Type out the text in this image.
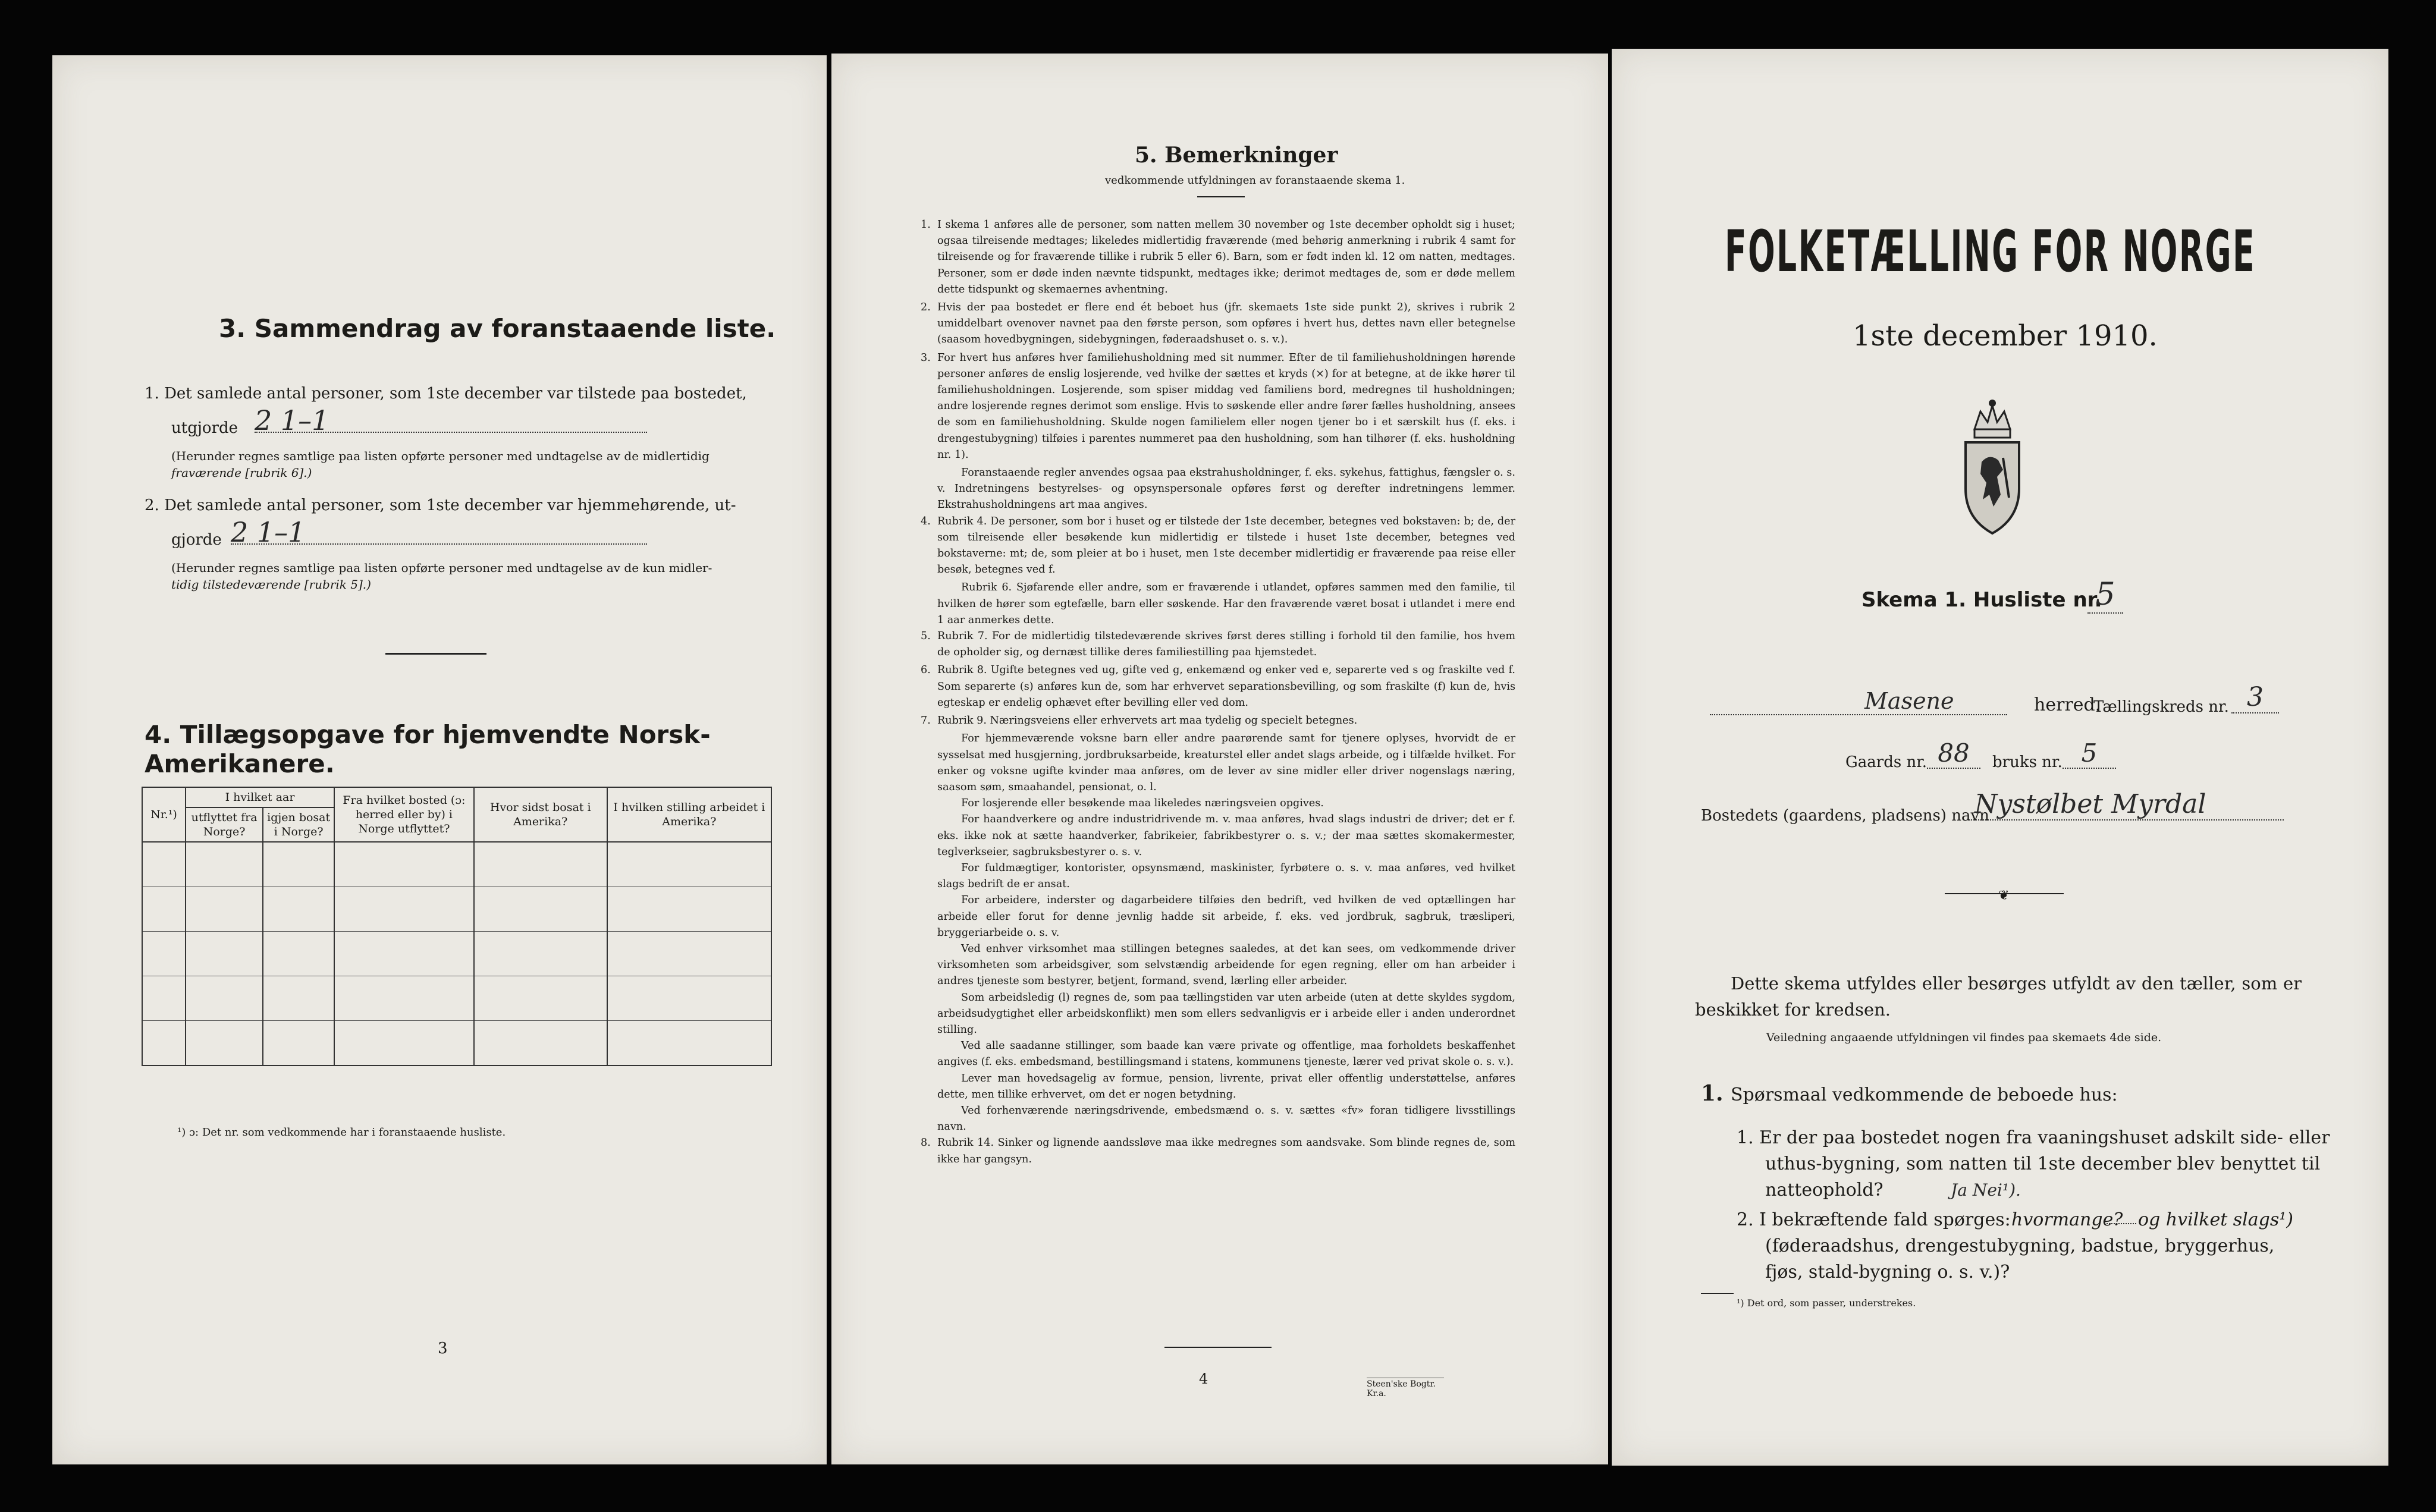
3. Sammendrag av foranstaaende liste.
1. Det samlede antal personer, som 1ste december var tilstede paa bostedet,
utgjorde 2 1–1
(Herunder regnes samtlige paa listen opførte personer med undtagelse av de midlertidig
fraværende [rubrik 6].)
2. Det samlede antal personer, som 1ste december var hjemmehørende, ut-
gjorde 2 1–1
(Herunder regnes samtlige paa listen opførte personer med undtagelse av de kun midler-
tidig tilstedeværende [rubrik 5].)
4. Tillægsopgave for hjemvendte Norsk-Amerikanere.
Nr.¹)	I hvilket aar		Fra hvilket bosted (ɔ: herred eller by) i Norge utflyttet?	Hvor sidst bosat i Amerika?	I hvilken stilling arbeidet i Amerika?
	utflyttet fra Norge?	igjen bosat i Norge?			

¹) ɔ: Det nr. som vedkommende har i foranstaaende husliste.
3
5. Bemerkninger
vedkommende utfyldningen av foranstaaende skema 1.

1. I skema 1 anføres alle de personer, som natten mellem 30 november og 1ste december opholdt sig i huset; ogsaa tilreisende medtages; likeledes midlertidig fraværende (med behørig anmerkning i rubrik 4 samt for tilreisende og for fraværende tillike i rubrik 5 eller 6). Barn, som er født inden kl. 12 om natten, medtages. Personer, som er døde inden nævnte tidspunkt, medtages ikke; derimot medtages de, som er døde mellem dette tidspunkt og skemaernes avhentning.

2. Hvis der paa bostedet er flere end ét beboet hus (jfr. skemaets 1ste side punkt 2), skrives i rubrik 2 umiddelbart ovenover navnet paa den første person, som opføres i hvert hus, dettes navn eller betegnelse (saasom hovedbygningen, sidebygningen, føderaadshuset o. s. v.).

3. For hvert hus anføres hver familiehusholdning med sit nummer. Efter de til familiehusholdningen hørende personer anføres de enslig losjerende, ved hvilke der sættes et kryds (×) for at betegne, at de ikke hører til familiehusholdningen. Losjerende, som spiser middag ved familiens bord, medregnes til husholdningen; andre losjerende regnes derimot som enslige. Hvis to søskende eller andre fører fælles husholdning, ansees de som en familiehusholdning. Skulde nogen familielem eller nogen tjener bo i et særskilt hus (f. eks. i drengestubygning) tilføies i parentes nummeret paa den husholdning, som han tilhører (f. eks. husholdning nr. 1).

Foranstaaende regler anvendes ogsaa paa ekstrahusholdninger, f. eks. sykehus, fattighus, fængsler o. s. v. Indretningens bestyrelses- og opsynspersonale opføres først og derefter indretningens lemmer. Ekstrahusholdningens art maa angives.

4. Rubrik 4. De personer, som bor i huset og er tilstede der 1ste december, betegnes ved bokstaven: b; de, der som tilreisende eller besøkende kun midlertidig er tilstede i huset 1ste december, betegnes ved bokstaverne: mt; de, som pleier at bo i huset, men 1ste december midlertidig er fraværende paa reise eller besøk, betegnes ved f.

Rubrik 6. Sjøfarende eller andre, som er fraværende i utlandet, opføres sammen med den familie, til hvilken de hører som egtefælle, barn eller søskende. Har den fraværende været bosat i utlandet i mere end 1 aar anmerkes dette.

5. Rubrik 7. For de midlertidig tilstedeværende skrives først deres stilling i forhold til den familie, hos hvem de opholder sig, og dernæst tillike deres familiestilling paa hjemstedet.

6. Rubrik 8. Ugifte betegnes ved ug, gifte ved g, enkemænd og enker ved e, separerte ved s og fraskilte ved f. Som separerte (s) anføres kun de, som har erhvervet separationsbevilling, og som fraskilte (f) kun de, hvis egteskap er endelig ophævet efter bevilling eller ved dom.

7. Rubrik 9. Næringsveiens eller erhvervets art maa tydelig og specielt betegnes.

For hjemmeværende voksne barn eller andre paarørende samt for tjenere oplyses, hvorvidt de er sysselsat med husgjerning, jordbruksarbeide, kreaturstel eller andet slags arbeide, og i tilfælde hvilket. For enker og voksne ugifte kvinder maa anføres, om de lever av sine midler eller driver nogenslags næring, saasom søm, smaahandel, pensionat, o. l.

For losjerende eller besøkende maa likeledes næringsveien opgives.

For haandverkere og andre industridrivende m. v. maa anføres, hvad slags industri de driver; det er f. eks. ikke nok at sætte haandverker, fabrikeier, fabrikbestyrer o. s. v.; der maa sættes skomakermester, teglverkseier, sagbruksbestyrer o. s. v.

For fuldmægtiger, kontorister, opsynsmænd, maskinister, fyrbøtere o. s. v. maa anføres, ved hvilket slags bedrift de er ansat.

For arbeidere, inderster og dagarbeidere tilføies den bedrift, ved hvilken de ved optællingen har arbeide eller forut for denne jevnlig hadde sit arbeide, f. eks. ved jordbruk, sagbruk, træsliperi, bryggeriarbeide o. s. v.

Ved enhver virksomhet maa stillingen betegnes saaledes, at det kan sees, om vedkommende driver virksomheten som arbeidsgiver, som selvstændig arbeidende for egen regning, eller om han arbeider i andres tjeneste som bestyrer, betjent, formand, svend, lærling eller arbeider.

Som arbeidsledig (l) regnes de, som paa tællingstiden var uten arbeide (uten at dette skyldes sygdom, arbeidsudygtighet eller arbeidskonflikt) men som ellers sedvanligvis er i arbeide eller i anden underordnet stilling.

Ved alle saadanne stillinger, som baade kan være private og offentlige, maa forholdets beskaffenhet angives (f. eks. embedsmand, bestillingsmand i statens, kommunens tjeneste, lærer ved privat skole o. s. v.).

Lever man hovedsagelig av formue, pension, livrente, privat eller offentlig understøttelse, anføres dette, men tillike erhvervet, om det er nogen betydning.

Ved forhenværende næringsdrivende, embedsmænd o. s. v. sættes «fv» foran tidligere livsstillings navn.

8. Rubrik 14. Sinker og lignende aandssløve maa ikke medregnes som aandsvake. Som blinde regnes de, som ikke har gangsyn.

4	Steen'ske Bogtr. Kr.a.
FOLKETÆLLING FOR NORGE
1ste december 1910.
Skema 1. Husliste nr.
5
Masene	herred.
Tællingskreds nr. 3
Gaards nr. 88	bruks nr. 5
Bostedets (gaardens, pladsens) navn
Nystølbet Myrdal
❦
Dette skema utfyldes eller besørges utfyldt av den tæller, som er beskikket for kredsen.
Veiledning angaaende utfyldningen vil findes paa skemaets 4de side.
1. Spørsmaal vedkommende de beboede hus:
1. Er der paa bostedet nogen fra vaaningshuset adskilt side- eller uthus-bygning, som natten til 1ste december blev benyttet til natteophold?	Ja Nei¹).
2. I bekræftende fald spørges: hvormange? og hvilket slags¹)
(føderaadshus, drengestubygning, badstue, bryggerhus, fjøs, stald-bygning o. s. v.)?
¹) Det ord, som passer, understrekes.
